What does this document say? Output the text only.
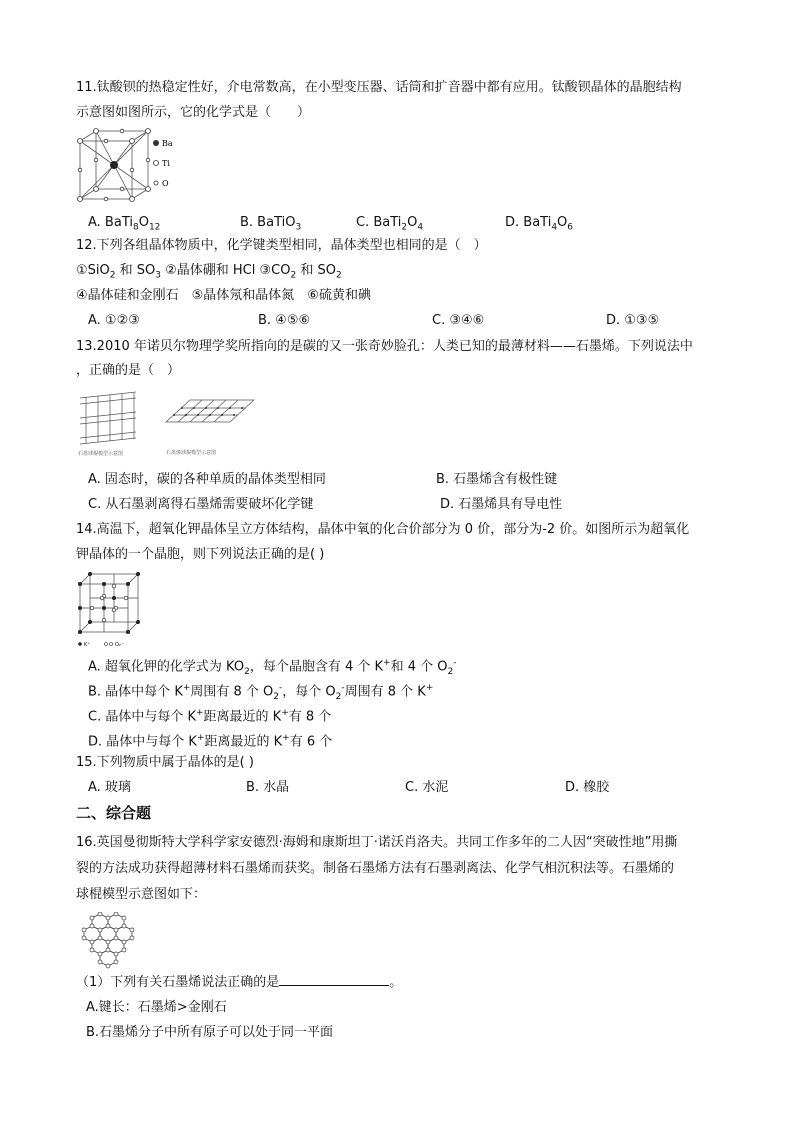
11.钛酸钡的热稳定性好，介电常数高，在小型变压器、话筒和扩音器中都有应用。钛酸钡晶体的晶胞结构
示意图如图所示，它的化学式是（　　）
Ba
Ti
O
A. $BaTi_8O_{12}$	B. BaTiO$_3$	C. $BaTi_2O_4$	D. $BaTi_4O_6$
12.下列各组晶体物质中，化学键类型相同，晶体类型也相同的是（　）
①SiO$_2$ 和 $SO_3$ ②晶体硼和 HCl $③CO_2$ 和 $SO_2$
④晶体硅和金刚石　⑤晶体氖和晶体氮　⑥硫黄和碘
A. ①②③	B. ④⑤⑥	C. ③④⑥	D. ①③⑤
13.2010 年诺贝尔物理学奖所指向的是碳的又一张奇妙脸孔：人类已知的最薄材料——石墨烯。下列说法中
，正确的是（　）
石墨球棍模型示意图	石墨烯球棍模型示意图
A. 固态时，碳的各种单质的晶体类型相同	B. 石墨烯含有极性键
C. 从石墨剥离得石墨烯需要破坏化学键	D. 石墨烯具有导电性
14.高温下，超氧化钾晶体呈立方体结构，晶体中氧的化合价部分为 0 价，部分为-2 价。如图所示为超氧化
钾晶体的一个晶胞，则下列说法正确的是( )
K⁺	O₂⁻
A. 超氧化钾的化学式为 $KO_2$，每个晶胞含有 4 个 K+和 4 个 $O_2^-$
B. 晶体中每个 K+周围有 8 个 $O_2^-$，每个 $O_2^-$周围有 8 个 K+
C. 晶体中与每个 K+距离最近的 K+有 8 个
D. 晶体中与每个 K+距离最近的 K+有 6 个
15.下列物质中属于晶体的是( )
A. 玻璃	B. 水晶	C. 水泥	D. 橡胶
二、综合题
16.英国曼彻斯特大学科学家安德烈·海姆和康斯坦丁·诺沃肖洛夫。共同工作多年的二人因“突破性地”用撕
裂的方法成功获得超薄材料石墨烯而获奖。制备石墨烯方法有石墨剥离法、化学气相沉积法等。石墨烯的
球棍模型示意图如下：
（1）下列有关石墨烯说法正确的是	。
A.键长：石墨烯>金刚石
B.石墨烯分子中所有原子可以处于同一平面
